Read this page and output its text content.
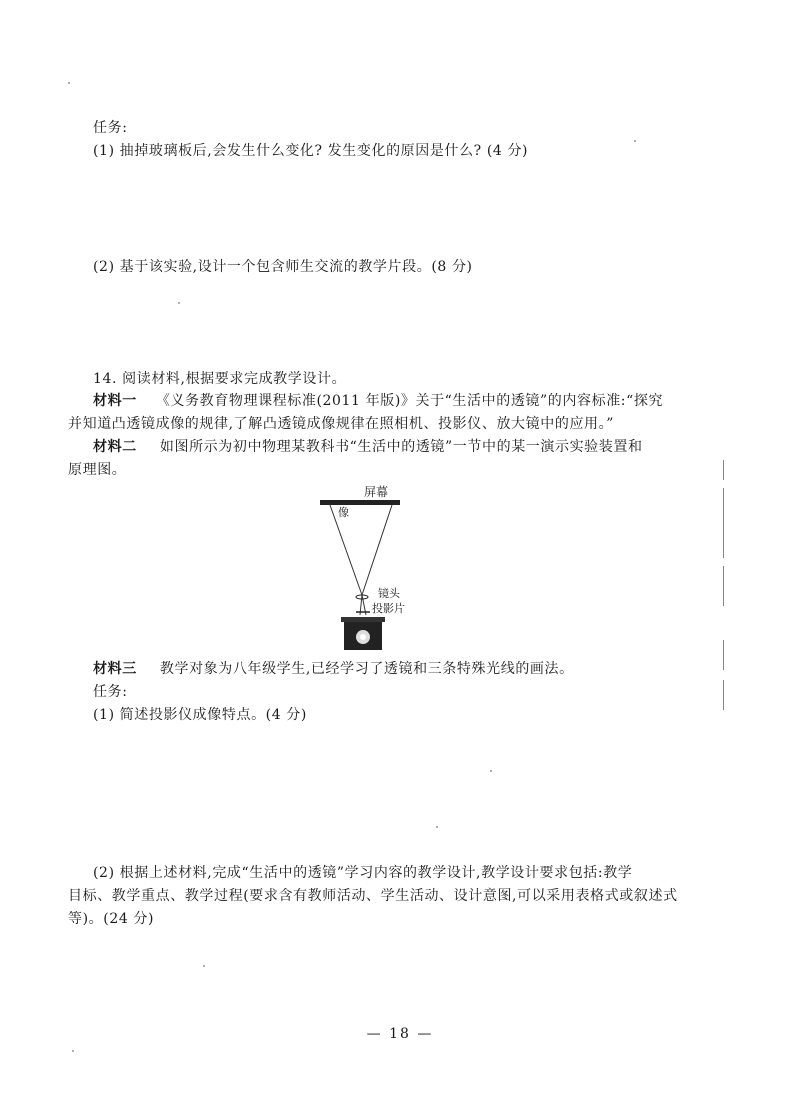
任务:
(1) 抽掉玻璃板后,会发生什么变化? 发生变化的原因是什么? (4 分)
(2) 基于该实验,设计一个包含师生交流的教学片段。(8 分)
14. 阅读材料,根据要求完成教学设计。
材料一 《义务教育物理课程标准(2011 年版)》关于“生活中的透镜”的内容标准:“探究
并知道凸透镜成像的规律,了解凸透镜成像规律在照相机、投影仪、放大镜中的应用。”
材料二 如图所示为初中物理某教科书“生活中的透镜”一节中的某一演示实验装置和
原理图。
屏幕
像
镜头
投影片
材料三 教学对象为八年级学生,已经学习了透镜和三条特殊光线的画法。
任务:
(1) 简述投影仪成像特点。(4 分)
(2) 根据上述材料,完成“生活中的透镜”学习内容的教学设计,教学设计要求包括:教学
目标、教学重点、教学过程(要求含有教师活动、学生活动、设计意图,可以采用表格式或叙述式
等)。(24 分)
— 18 —
